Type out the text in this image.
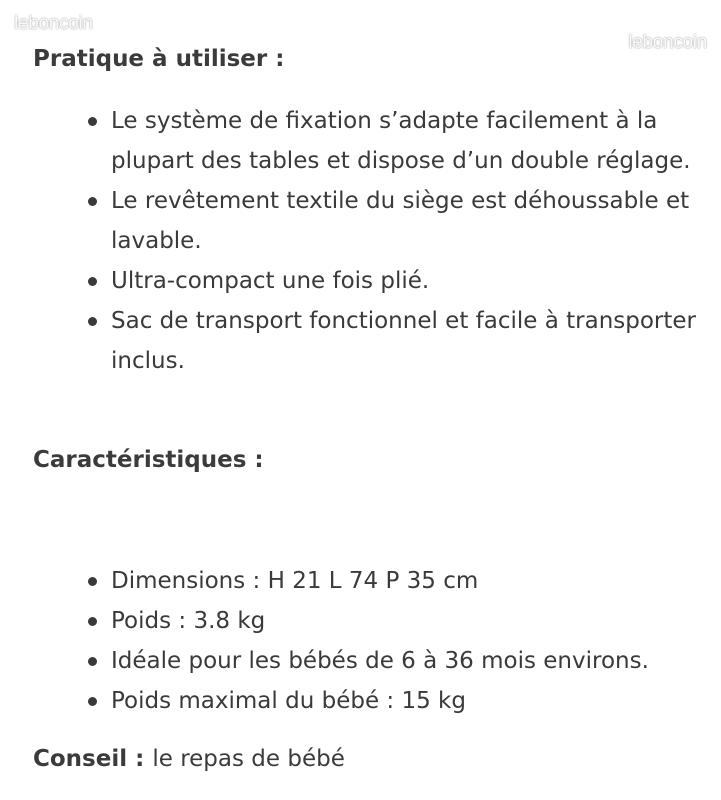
leboncoin
leboncoin
Pratique à utiliser :
Le système de fixation s’adapte facilement à la plupart des tables et dispose d’un double réglage.
Le revêtement textile du siège est déhoussable et lavable.
Ultra-compact une fois plié.
Sac de transport fonctionnel et facile à transporter inclus.
Caractéristiques :
Dimensions : H 21 L 74 P 35 cm
Poids : 3.8 kg
Idéale pour les bébés de 6 à 36 mois environs.
Poids maximal du bébé : 15 kg
Conseil : le repas de bébé
